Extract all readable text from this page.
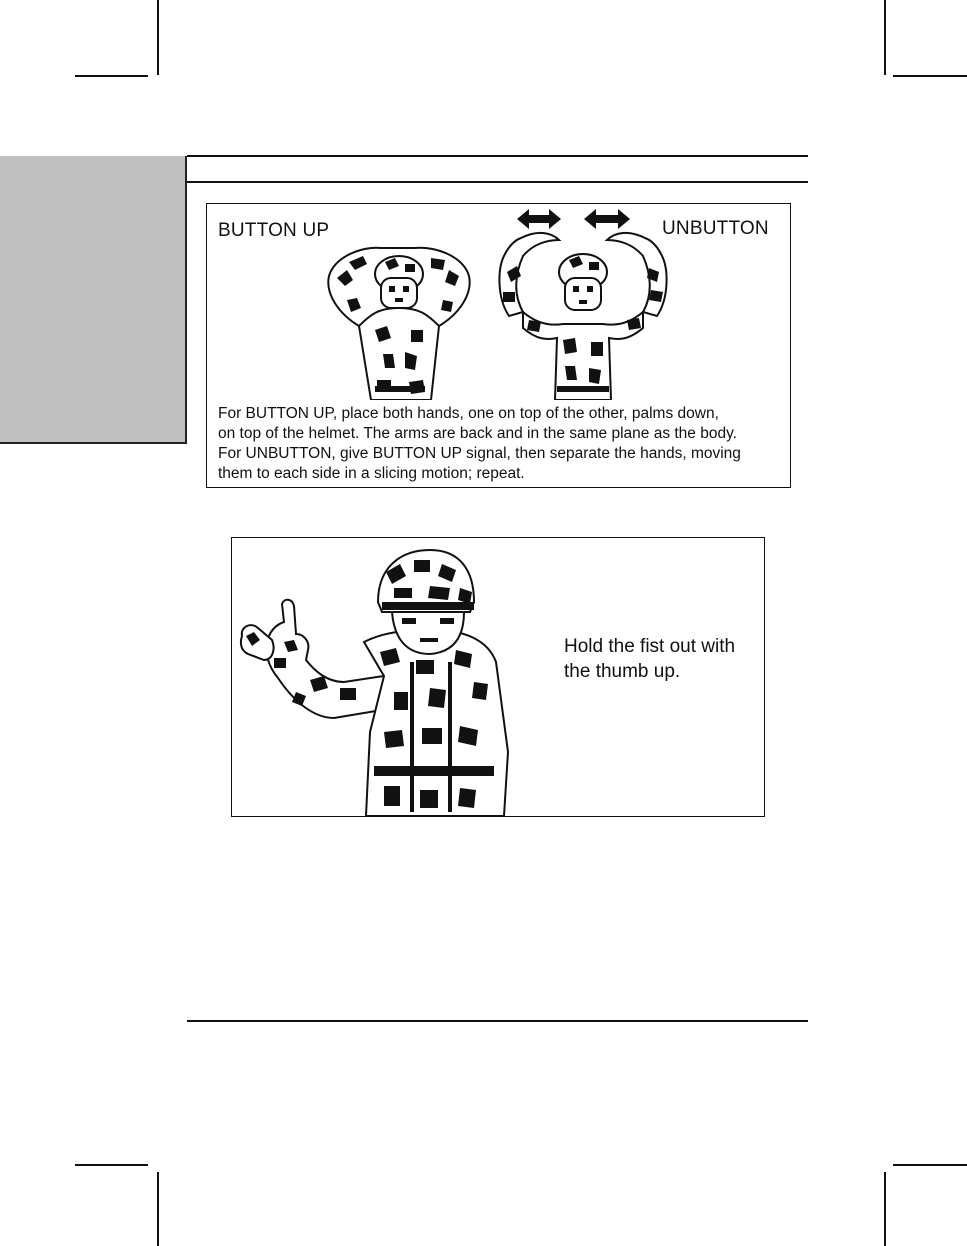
BUTTON UP	UNBUTTON
For BUTTON UP, place both hands, one on top of the other, palms down,
on top of the helmet. The arms are back and in the same plane as the body.
For UNBUTTON, give BUTTON UP signal, then separate the hands, moving
them to each side in a slicing motion; repeat.
Hold the fist out with
the thumb up.
